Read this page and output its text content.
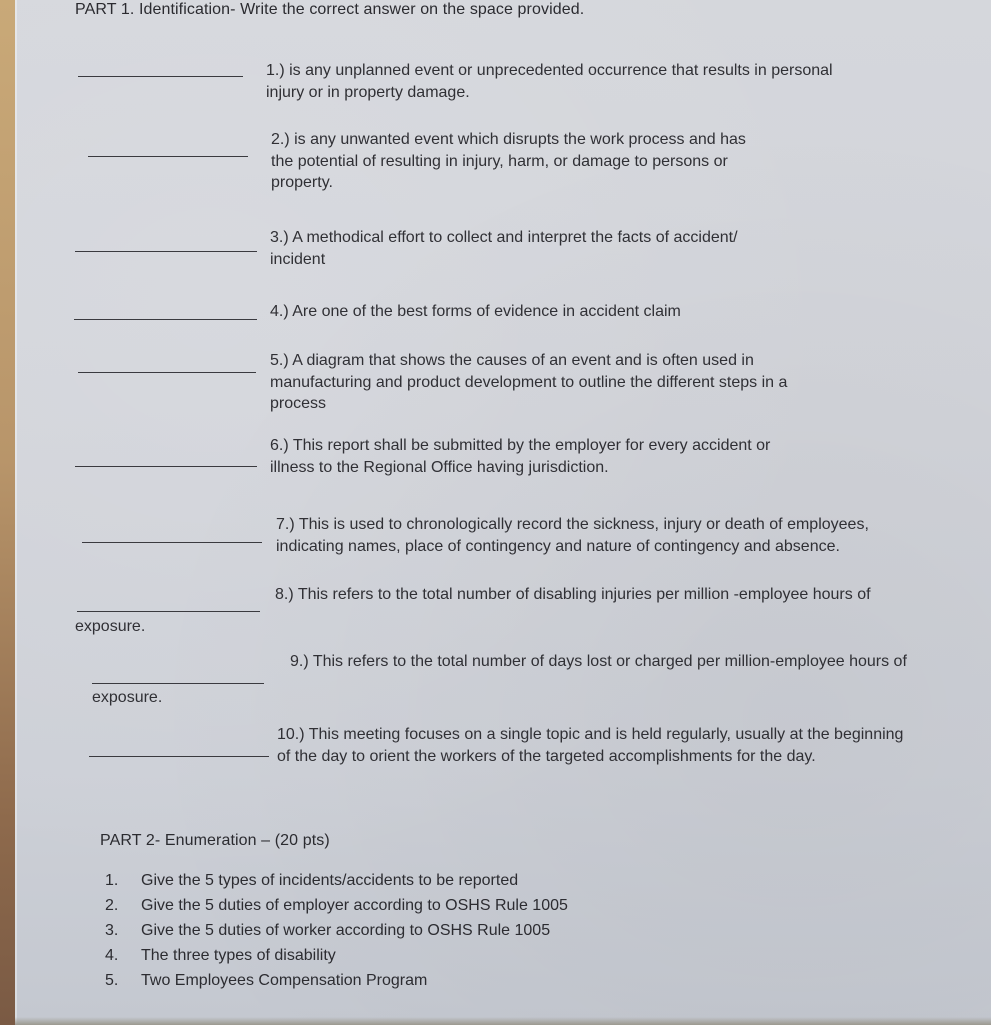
PART 1. Identification- Write the correct answer on the space provided.
1.) is any unplanned event or unprecedented occurrence that results in personal
injury or in property damage.
2.) is any unwanted event which disrupts the work process and has
the potential of resulting in injury, harm, or damage to persons or
property.
3.) A methodical effort to collect and interpret the facts of accident/
incident
4.) Are one of the best forms of evidence in accident claim
5.) A diagram that shows the causes of an event and is often used in
manufacturing and product development to outline the different steps in a
process
6.) This report shall be submitted by the employer for every accident or
illness to the Regional Office having jurisdiction.
7.) This is used to chronologically record the sickness, injury or death of employees,
indicating names, place of contingency and nature of contingency and absence.
8.) This refers to the total number of disabling injuries per million -employee hours of
exposure.
9.) This refers to the total number of days lost or charged per million-employee hours of
exposure.
10.) This meeting focuses on a single topic and is held regularly, usually at the beginning
of the day to orient the workers of the targeted accomplishments for the day.
PART 2- Enumeration – (20 pts)
1.	Give the 5 types of incidents/accidents to be reported
2.	Give the 5 duties of employer according to OSHS Rule 1005
3.	Give the 5 duties of worker according to OSHS Rule 1005
4.	The three types of disability
5.	Two Employees Compensation Program
